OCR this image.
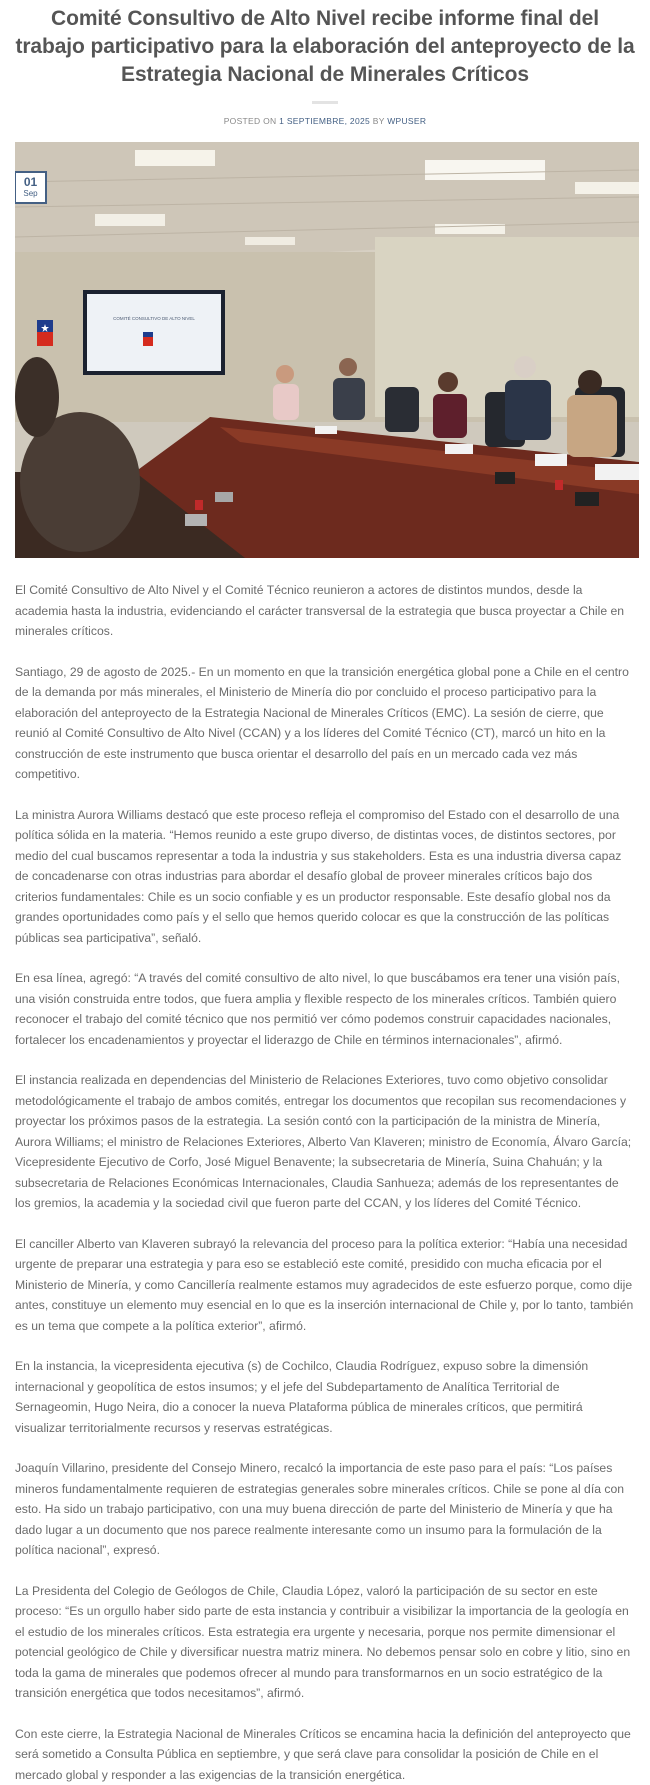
Comité Consultivo de Alto Nivel recibe informe final del trabajo participativo para la elaboración del anteproyecto de la Estrategia Nacional de Minerales Críticos
POSTED ON 1 SEPTIEMBRE, 2025 BY WPUSER
COMITÉ CONSULTIVO DE ALTO NIVEL
01
Sep

El Comité Consultivo de Alto Nivel y el Comité Técnico reunieron a actores de distintos mundos, desde la academia hasta la industria, evidenciando el carácter transversal de la estrategia que busca proyectar a Chile en minerales críticos.

Santiago, 29 de agosto de 2025.- En un momento en que la transición energética global pone a Chile en el centro de la demanda por más minerales, el Ministerio de Minería dio por concluido el proceso participativo para la elaboración del anteproyecto de la Estrategia Nacional de Minerales Críticos (EMC). La sesión de cierre, que reunió al Comité Consultivo de Alto Nivel (CCAN) y a los líderes del Comité Técnico (CT), marcó un hito en la construcción de este instrumento que busca orientar el desarrollo del país en un mercado cada vez más competitivo.

La ministra Aurora Williams destacó que este proceso refleja el compromiso del Estado con el desarrollo de una política sólida en la materia. “Hemos reunido a este grupo diverso, de distintas voces, de distintos sectores, por medio del cual buscamos representar a toda la industria y sus stakeholders. Esta es una industria diversa capaz de concadenarse con otras industrias para abordar el desafío global de proveer minerales críticos bajo dos criterios fundamentales: Chile es un socio confiable y es un productor responsable. Este desafío global nos da grandes oportunidades como país y el sello que hemos querido colocar es que la construcción de las políticas públicas sea participativa”, señaló.

En esa línea, agregó: “A través del comité consultivo de alto nivel, lo que buscábamos era tener una visión país, una visión construida entre todos, que fuera amplia y flexible respecto de los minerales críticos. También quiero reconocer el trabajo del comité técnico que nos permitió ver cómo podemos construir capacidades nacionales, fortalecer los encadenamientos y proyectar el liderazgo de Chile en términos internacionales”, afirmó.

El instancia realizada en dependencias del Ministerio de Relaciones Exteriores, tuvo como objetivo consolidar metodológicamente el trabajo de ambos comités, entregar los documentos que recopilan sus recomendaciones y proyectar los próximos pasos de la estrategia. La sesión contó con la participación de la ministra de Minería, Aurora Williams; el ministro de Relaciones Exteriores, Alberto Van Klaveren; ministro de Economía, Álvaro García; Vicepresidente Ejecutivo de Corfo, José Miguel Benavente; la subsecretaria de Minería, Suina Chahuán; y la subsecretaria de Relaciones Económicas Internacionales, Claudia Sanhueza; además de los representantes de los gremios, la academia y la sociedad civil que fueron parte del CCAN, y los líderes del Comité Técnico.

El canciller Alberto van Klaveren subrayó la relevancia del proceso para la política exterior: “Había una necesidad urgente de preparar una estrategia y para eso se estableció este comité, presidido con mucha eficacia por el Ministerio de Minería, y como Cancillería realmente estamos muy agradecidos de este esfuerzo porque, como dije antes, constituye un elemento muy esencial en lo que es la inserción internacional de Chile y, por lo tanto, también es un tema que compete a la política exterior”, afirmó.

En la instancia, la vicepresidenta ejecutiva (s) de Cochilco, Claudia Rodríguez, expuso sobre la dimensión internacional y geopolítica de estos insumos; y el jefe del Subdepartamento de Analítica Territorial de Sernageomin, Hugo Neira, dio a conocer la nueva Plataforma pública de minerales críticos, que permitirá visualizar territorialmente recursos y reservas estratégicas.

Joaquín Villarino, presidente del Consejo Minero, recalcó la importancia de este paso para el país: “Los países mineros fundamentalmente requieren de estrategias generales sobre minerales críticos. Chile se pone al día con esto. Ha sido un trabajo participativo, con una muy buena dirección de parte del Ministerio de Minería y que ha dado lugar a un documento que nos parece realmente interesante como un insumo para la formulación de la política nacional”, expresó.

La Presidenta del Colegio de Geólogos de Chile, Claudia López, valoró la participación de su sector en este proceso: “Es un orgullo haber sido parte de esta instancia y contribuir a visibilizar la importancia de la geología en el estudio de los minerales críticos. Esta estrategia era urgente y necesaria, porque nos permite dimensionar el potencial geológico de Chile y diversificar nuestra matriz minera. No debemos pensar solo en cobre y litio, sino en toda la gama de minerales que podemos ofrecer al mundo para transformarnos en un socio estratégico de la transición energética que todos necesitamos”, afirmó.

Con este cierre, la Estrategia Nacional de Minerales Críticos se encamina hacia la definición del anteproyecto que será sometido a Consulta Pública en septiembre, y que será clave para consolidar la posición de Chile en el mercado global y responder a las exigencias de la transición energética.
